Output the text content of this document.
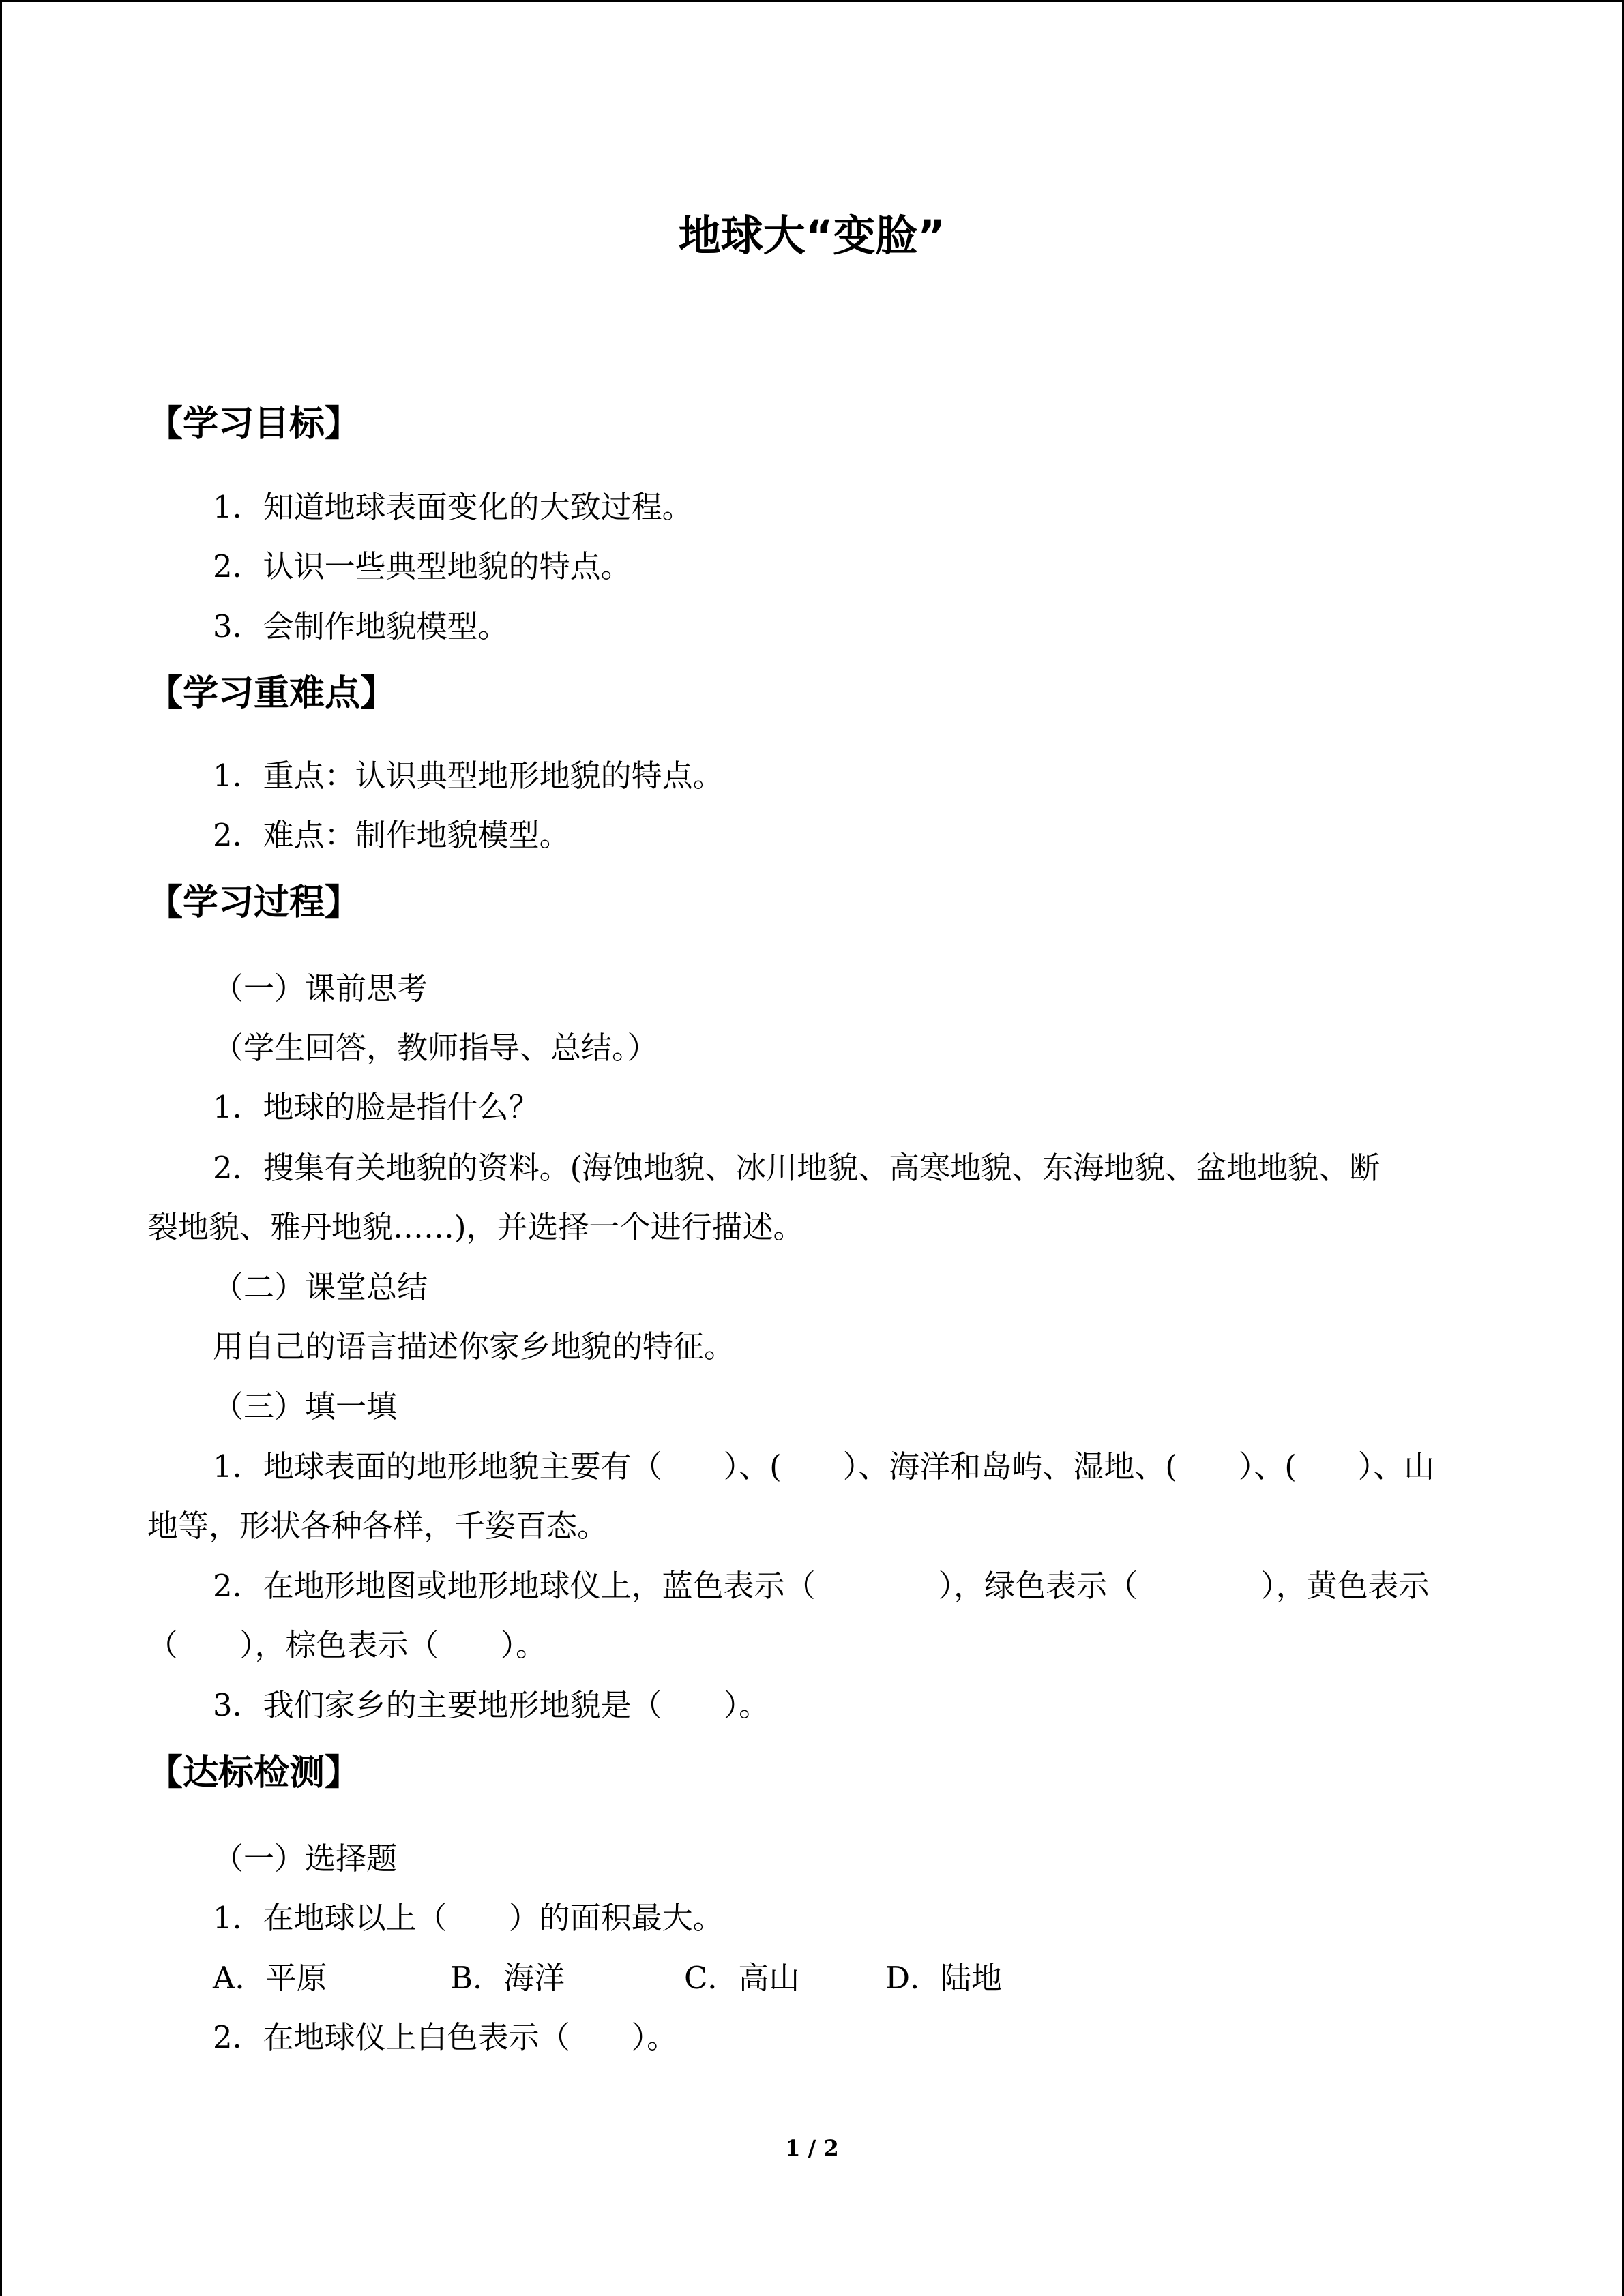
地球大“变脸”
【学习目标】
1．知道地球表面变化的大致过程。
2．认识一些典型地貌的特点。
3．会制作地貌模型。
【学习重难点】
1．重点：认识典型地形地貌的特点。
2．难点：制作地貌模型。
【学习过程】
（一）课前思考
（学生回答，教师指导、总结。）
1．地球的脸是指什么？
2．搜集有关地貌的资料。(海蚀地貌、冰川地貌、高寒地貌、东海地貌、盆地地貌、断
裂地貌、雅丹地貌……)，并选择一个进行描述。
（二）课堂总结
用自己的语言描述你家乡地貌的特征。
（三）填一填
1．地球表面的地形地貌主要有（　　）、(　　）、海洋和岛屿、湿地、(　　）、(　　）、山
地等，形状各种各样，千姿百态。
2．在地形地图或地形地球仪上，蓝色表示（　　　　），绿色表示（　　　　），黄色表示
（　　），棕色表示（　　）。
3．我们家乡的主要地形地貌是（　　）。
【达标检测】
（一）选择题
1．在地球以上（　　）的面积最大。
A．平原	B．海洋	C．高山	D．陆地
2．在地球仪上白色表示（　　）。
1 / 2
